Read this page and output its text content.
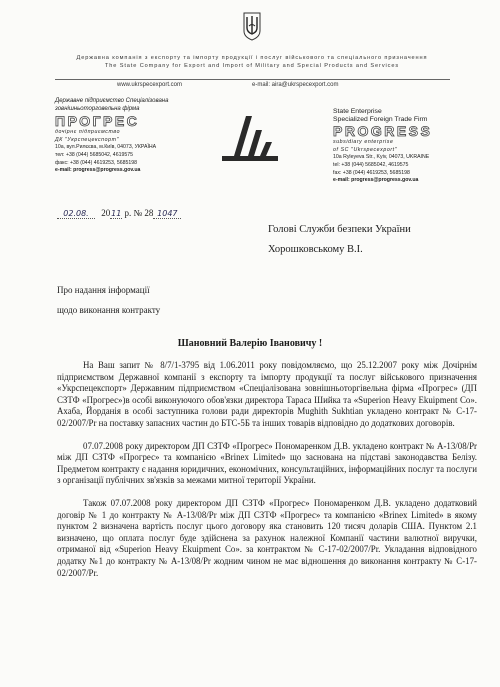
Державна компанія з експорту та імпорту продукції і послуг військового та спеціального призначення
The State Company for Export and Import of Military and Special Products and Services
www.ukrspecexport.com	e-mail: aira@ukrspecexport.com
Державне підприємство Спеціалізована
зовнішньоторговельна фірма
ПРОГРЕС
дочірнє підприємство
ДК "Укрспецекспорт"
10а, вул.Рилєєва, м.Київ, 04073, УКРАЇНА
тел: +38 (044) 5685042, 4619575
факс: +38 (044) 4619253, 5685198
e-mail: progress@progress.gov.ua
State Enterprise
Specialized Foreign Trade Firm
PROGRESS
subsidiary enterprise
of SC "Ukrspecexport"
10a Ryleyeva Str., Kyiv, 04073, UKRAINE
tel: +38 (044) 5685042, 4619575
fax: +38 (044) 4619253, 5685198
e-mail: progress@progress.gov.ua
02.08. 2011 р. № 28 1047
Голові Служби безпеки України
Хорошковському В.І.
Про надання інформації
щодо виконання контракту
Шановний Валерію Івановичу !

На Ваш запит № 8/7/1-3795 від 1.06.2011 року повідомляємо, що 25.12.2007 року між Дочірнім підприємством Державної компанії з експорту та імпорту продукції та послуг військового призначення «Укрспецекспорт» Державним підприємством «Спеціалізована зовнішньоторгівельна фірма «Прогрес» (ДП СЗТФ «Прогрес»)в особі виконуючого обов'язки директора Тараса Шийка та «Superion Heavy Ekuipment Co». Ахаба, Йорданія в особі заступника голови ради директорів Mughith Sukhtian укладено контракт № С-17-02/2007/Pr на поставку запасних частин до БТС-5Б та інших товарів відповідно до додаткових договорів.

07.07.2008 року директором ДП СЗТФ «Прогрес» Пономаренком Д.В. укладено контракт № А-13/08/Pr між ДП СЗТФ «Прогрес» та компанією «Brinex Limited» що заснована на підставі законодавства Белізу. Предметом контракту є надання юридичних, економічних, консультаційних, інформаційних послуг та послуги з організації публічних зв'язків за межами митної території України.

Також 07.07.2008 року директором ДП СЗТФ «Прогрес» Пономаренком Д.В. укладено додатковий договір № 1 до контракту № А-13/08/Pr між ДП СЗТФ «Прогрес» та компанією «Brinex Limited» в якому пунктом 2 визначена вартість послуг цього договору яка становить 120 тисяч доларів США. Пунктом 2.1 визначено, що оплата послуг буде здійснена за рахунок належної Компанії частини валютної виручки, отриманої від «Superion Heavy Ekuipment Co». за контрактом № С-17-02/2007/Pr. Укладання відповідного додатку №1 до контракту № А-13/08/Pr жодним чином не має відношення до виконання контракту № С-17-02/2007/Pr.
